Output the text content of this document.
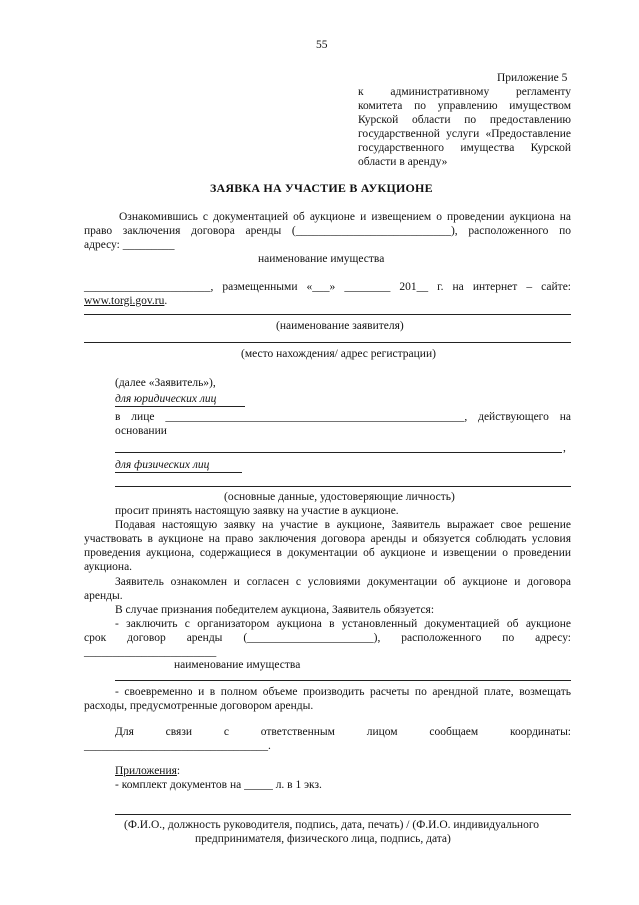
55
Приложение 5
к административному регламенту
комитета по управлению имуществом
Курской области по предоставлению
государственной услуги «Предоставление
государственного имущества Курской
области в аренду»
ЗАЯВКА НА УЧАСТИЕ В АУКЦИОНЕ
Ознакомившись с документацией об аукционе и извещением о проведении аукциона на
право заключения договора аренды (___________________________), расположенного по
адресу: _________
наименование имущества
______________________, размещенными «___» ________ 201__ г. на интернет – сайте:
www.torgi.gov.ru.
(наименование заявителя)
(место нахождения/ адрес регистрации)
(далее «Заявитель»),
для юридических лиц
в лице ____________________________________________________, действующего на
основании
,
для физических лиц
(основные данные, удостоверяющие личность)
просит принять настоящую заявку на участие в аукционе.
Подавая настоящую заявку на участие в аукционе, Заявитель выражает свое решение
участвовать в аукционе на право заключения договора аренды и обязуется соблюдать условия
проведения аукциона, содержащиеся в документации об аукционе и извещении о проведении
аукциона.
Заявитель ознакомлен и согласен с условиями документации об аукционе и договора
аренды.
В случае признания победителем аукциона, Заявитель обязуется:
- заключить с организатором аукциона в установленный документацией об аукционе
срок договор аренды (______________________), расположенного по адресу:
_______________________
наименование имущества
- своевременно и в полном объеме производить расчеты по арендной плате, возмещать
расходы, предусмотренные договором аренды.
Для связи с ответственным лицом сообщаем координаты:
________________________________.
Приложения:
- комплект документов на _____ л. в 1 экз.
(Ф.И.О., должность руководителя, подпись, дата, печать) / (Ф.И.О. индивидуального
предпринимателя, физического лица, подпись, дата)
